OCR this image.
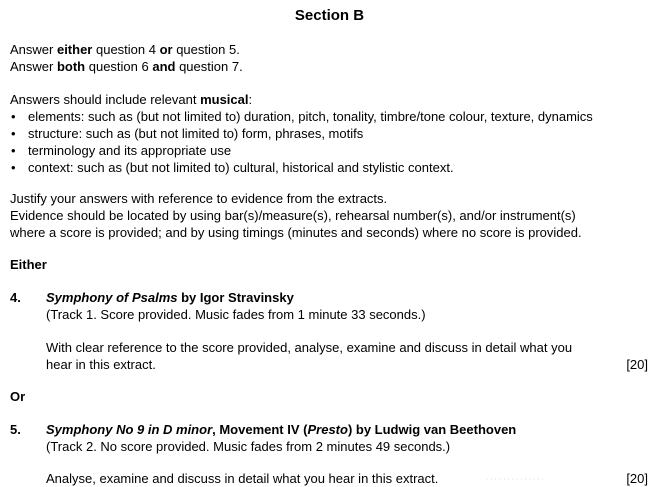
Section B
Answer either question 4 or question 5.
Answer both question 6 and question 7.
Answers should include relevant musical:
• elements: such as (but not limited to) duration, pitch, tonality, timbre/tone colour, texture, dynamics
• structure: such as (but not limited to) form, phrases, motifs
• terminology and its appropriate use
• context: such as (but not limited to) cultural, historical and stylistic context.
Justify your answers with reference to evidence from the extracts.
Evidence should be located by using bar(s)/measure(s), rehearsal number(s), and/or instrument(s)
where a score is provided; and by using timings (minutes and seconds) where no score is provided.
Either
4. Symphony of Psalms by Igor Stravinsky
(Track 1. Score provided. Music fades from 1 minute 33 seconds.)
With clear reference to the score provided, analyse, examine and discuss in detail what you
hear in this extract.	[20]
Or
5. Symphony No 9 in D minor, Movement IV (Presto) by Ludwig van Beethoven
(Track 2. No score provided. Music fades from 2 minutes 49 seconds.)
Analyse, examine and discuss in detail what you hear in this extract.	[20]
· · · · · · · · · · · · · ·
